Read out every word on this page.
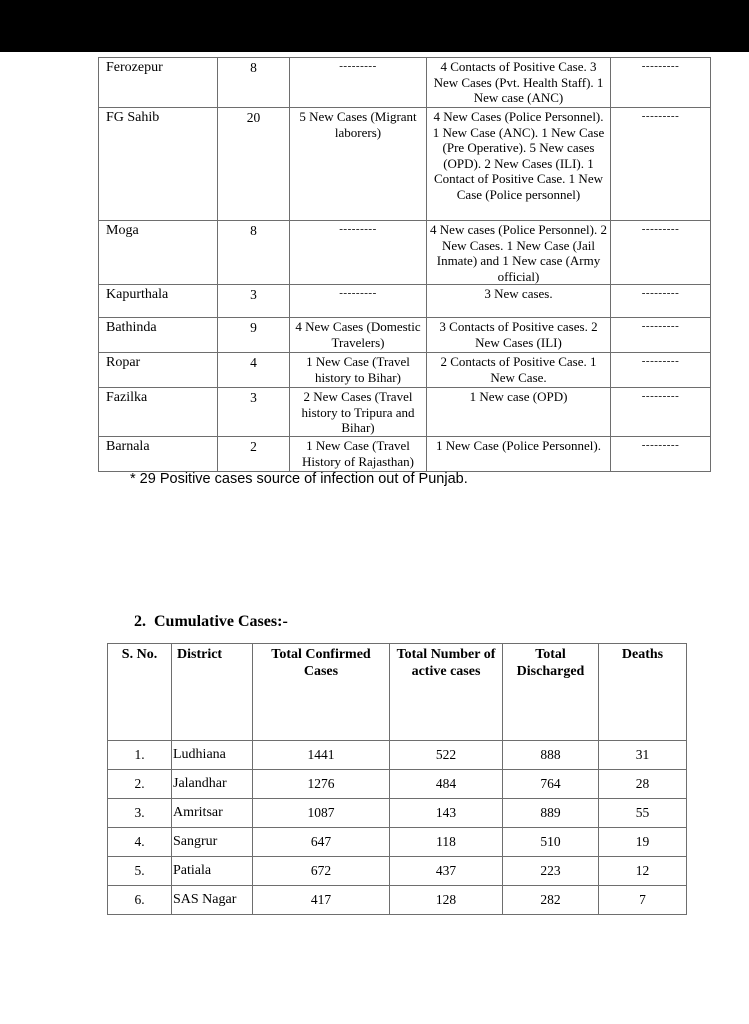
Ferozepur	8	---------	4 Contacts of Positive Case. 3 New Cases (Pvt. Health Staff). 1 New case (ANC)	---------
FG Sahib	20	5 New Cases (Migrant laborers)	4 New Cases (Police Personnel). 1 New Case (ANC). 1 New Case (Pre Operative). 5 New cases (OPD). 2 New Cases (ILI). 1 Contact of Positive Case. 1 New Case (Police personnel)	---------
Moga	8	---------	4 New cases (Police Personnel). 2 New Cases. 1 New Case (Jail Inmate) and 1 New case (Army official)	---------
Kapurthala	3	---------	3 New cases.	---------
Bathinda	9	4 New Cases (Domestic Travelers)	3 Contacts of Positive cases. 2 New Cases (ILI)	---------
Ropar	4	1 New Case (Travel history to Bihar)	2 Contacts of Positive Case. 1 New Case.	---------
Fazilka	3	2 New Cases (Travel history to Tripura and Bihar)	1 New case (OPD)	---------
Barnala	2	1 New Case (Travel History of Rajasthan)	1 New Case (Police Personnel).	---------
* 29 Positive cases source of infection out of Punjab.
2.  Cumulative Cases:-
S. No.	District	Total Confirmed Cases	Total Number of active cases	Total Discharged	Deaths
1.	Ludhiana	1441	522	888	31
2.	Jalandhar	1276	484	764	28
3.	Amritsar	1087	143	889	55
4.	Sangrur	647	118	510	19
5.	Patiala	672	437	223	12
6.	SAS Nagar	417	128	282	7
